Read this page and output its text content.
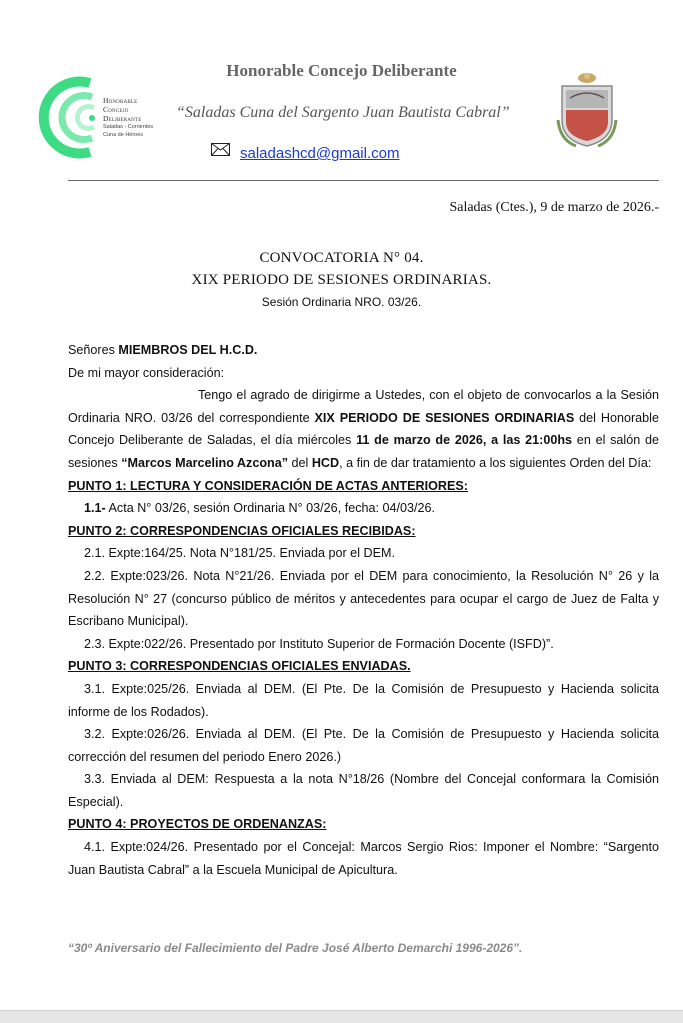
Honorable
Concejo
Deliberante
Saladas - Corrientes
Cuna de Héroes
Honorable Concejo Deliberante
“Saladas Cuna del Sargento Juan Bautista Cabral”
saladashcd@gmail.com
Saladas (Ctes.), 9 de marzo de 2026.-
CONVOCATORIA N° 04.
XIX PERIODO DE SESIONES ORDINARIAS.
Sesión Ordinaria NRO. 03/26.

Señores MIEMBROS DEL H.C.D.

De mi mayor consideración:

Tengo el agrado de dirigirme a Ustedes, con el objeto de convocarlos a la Sesión Ordinaria NRO. 03/26 del correspondiente XIX PERIODO DE SESIONES ORDINARIAS del Honorable Concejo Deliberante de Saladas, el día miércoles 11 de marzo de 2026, a las 21:00hs en el salón de sesiones “Marcos Marcelino Azcona” del HCD, a fin de dar tratamiento a los siguientes Orden del Día:

PUNTO 1: LECTURA Y CONSIDERACIÓN DE ACTAS ANTERIORES:

1.1- Acta N° 03/26, sesión Ordinaria N° 03/26, fecha: 04/03/26.

PUNTO 2: CORRESPONDENCIAS OFICIALES RECIBIDAS:

2.1. Expte:164/25. Nota N°181/25. Enviada por el DEM.

2.2. Expte:023/26. Nota N°21/26. Enviada por el DEM para conocimiento, la Resolución N° 26 y la Resolución N° 27 (concurso público de méritos y antecedentes para ocupar el cargo de Juez de Falta y Escribano Municipal).

2.3. Expte:022/26. Presentado por Instituto Superior de Formación Docente (ISFD)”.

PUNTO 3: CORRESPONDENCIAS OFICIALES ENVIADAS.

3.1. Expte:025/26. Enviada al DEM. (El Pte. De la Comisión de Presupuesto y Hacienda solicita informe de los Rodados).

3.2. Expte:026/26. Enviada al DEM. (El Pte. De la Comisión de Presupuesto y Hacienda solicita corrección del resumen del periodo Enero 2026.)

3.3. Enviada al DEM: Respuesta a la nota N°18/26 (Nombre del Concejal conformara la Comisión Especial).

PUNTO 4: PROYECTOS DE ORDENANZAS:

4.1. Expte:024/26. Presentado por el Concejal: Marcos Sergio Rios: Imponer el Nombre: “Sargento Juan Bautista Cabral” a la Escuela Municipal de Apicultura.

“30º Aniversario del Fallecimiento del Padre José Alberto Demarchi 1996-2026”.
